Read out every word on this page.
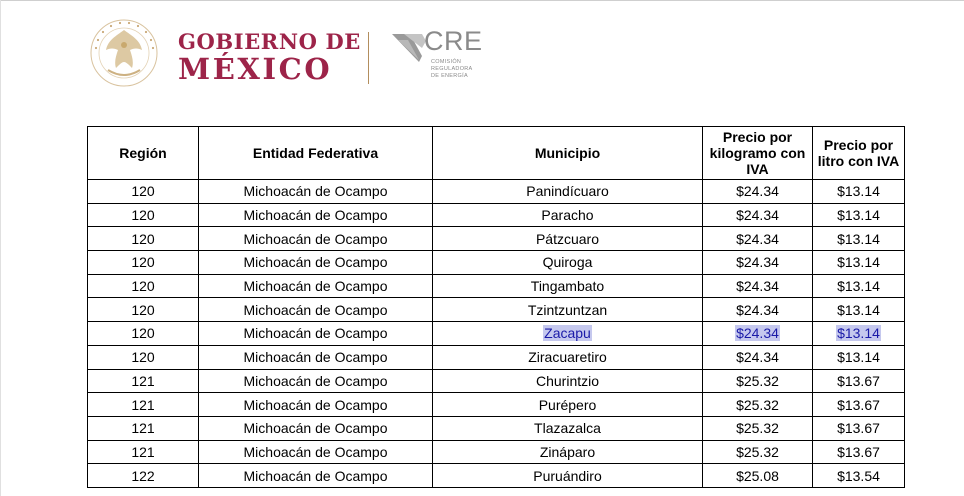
GOBIERNO DE
MÉXICO
CRE
COMISIÓN
REGULADORA
DE ENERGÍA
Región	Entidad Federativa	Municipio	Precio por kilogramo con IVA	Precio por litro con IVA
120	Michoacán de Ocampo	Panindícuaro	$24.34	$13.14
120	Michoacán de Ocampo	Paracho	$24.34	$13.14
120	Michoacán de Ocampo	Pátzcuaro	$24.34	$13.14
120	Michoacán de Ocampo	Quiroga	$24.34	$13.14
120	Michoacán de Ocampo	Tingambato	$24.34	$13.14
120	Michoacán de Ocampo	Tzintzuntzan	$24.34	$13.14
120	Michoacán de Ocampo	Zacapu	$24.34	$13.14
120	Michoacán de Ocampo	Ziracuaretiro	$24.34	$13.14
121	Michoacán de Ocampo	Churintzio	$25.32	$13.67
121	Michoacán de Ocampo	Purépero	$25.32	$13.67
121	Michoacán de Ocampo	Tlazazalca	$25.32	$13.67
121	Michoacán de Ocampo	Zináparo	$25.32	$13.67
122	Michoacán de Ocampo	Puruándiro	$25.08	$13.54
